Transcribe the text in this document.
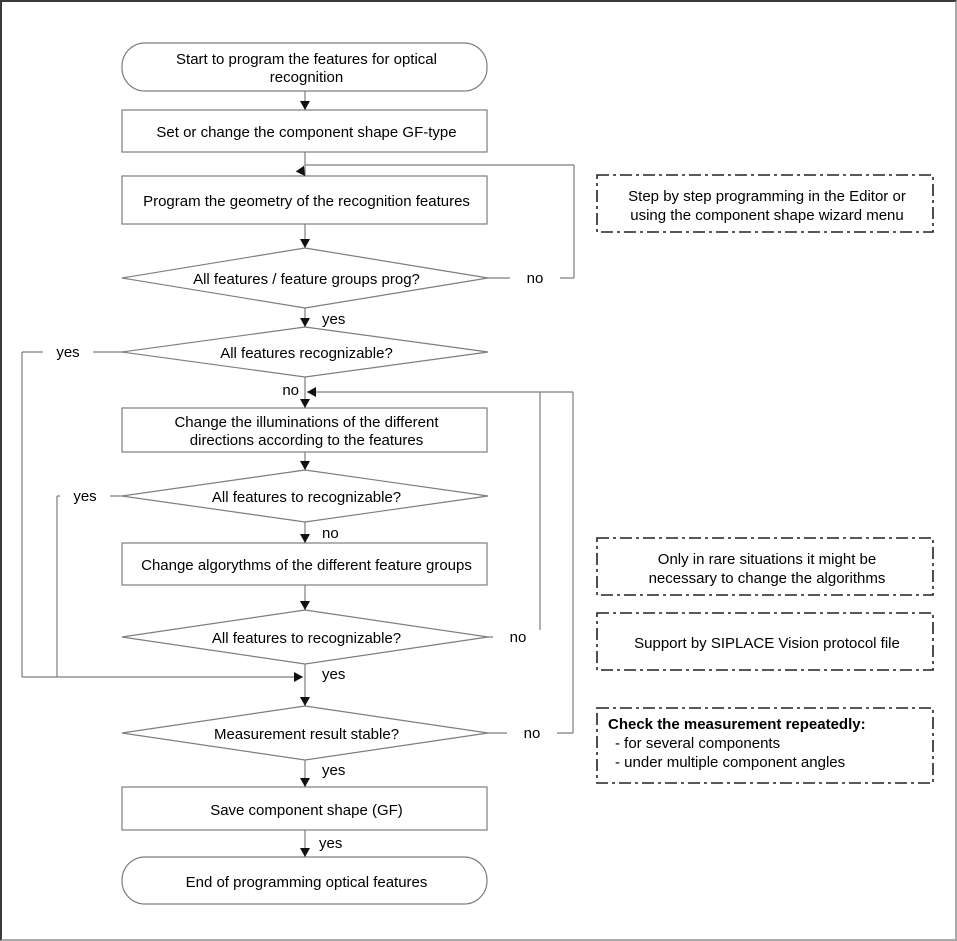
Start to program the features for optical recognition
Set or change the component shape GF-type
Program the geometry of the recognition features
All features / feature groups prog?
All features recognizable?
Change the illuminations of the different directions according to the features
All features to recognizable?
Change algorythms of the different feature groups
All features to recognizable?
Measurement result stable?
Save component shape (GF)
End of programming optical features
no
yes
yes
no
yes
no
no
yes
no
yes
yes
Step by step programming in the Editor or using the component shape wizard menu
Only in rare situations it might be necessary to change the algorithms
Support by SIPLACE Vision protocol file
Check the measurement repeatedly:
- for several components
- under multiple component angles
